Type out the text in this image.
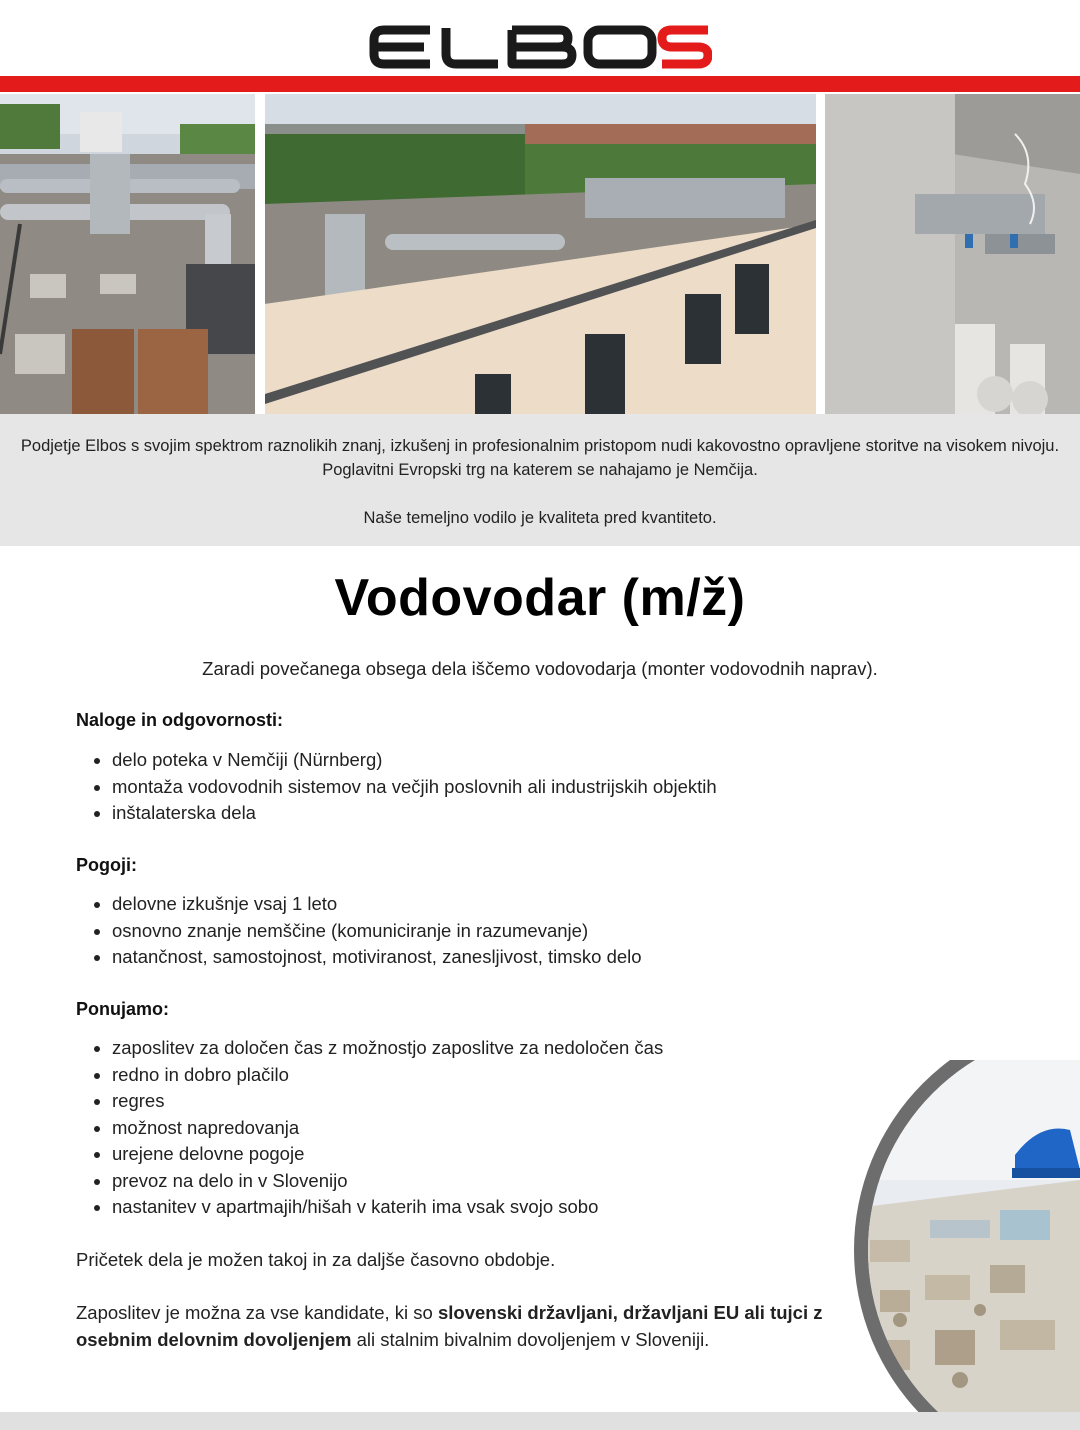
Podjetje Elbos s svojim spektrom raznolikih znanj, izkušenj in profesionalnim pristopom nudi kakovostno opravljene storitve na visokem nivoju. Poglavitni Evropski trg na katerem se nahajamo je Nemčija.
Naše temeljno vodilo je kvaliteta pred kvantiteto.
Vodovodar (m/ž)
Zaradi povečanega obsega dela iščemo vodovodarja (monter vodovodnih naprav).
Naloge in odgovornosti:
• delo poteka v Nemčiji (Nürnberg)
• montaža vodovodnih sistemov na večjih poslovnih ali industrijskih objektih
• inštalaterska dela
Pogoji:
• delovne izkušnje vsaj 1 leto
• osnovno znanje nemščine (komuniciranje in razumevanje)
• natančnost, samostojnost, motiviranost, zanesljivost, timsko delo
Ponujamo:
• zaposlitev za določen čas z možnostjo zaposlitve za nedoločen čas
• redno in dobro plačilo
• regres
• možnost napredovanja
• urejene delovne pogoje
• prevoz na delo in v Slovenijo
• nastanitev v apartmajih/hišah v katerih ima vsak svojo sobo
Pričetek dela je možen takoj in za daljše časovno obdobje.
Zaposlitev je možna za vse kandidate, ki so slovenski državljani, državljani EU ali tujci z osebnim delovnim dovoljenjem ali stalnim bivalnim dovoljenjem v Sloveniji.
